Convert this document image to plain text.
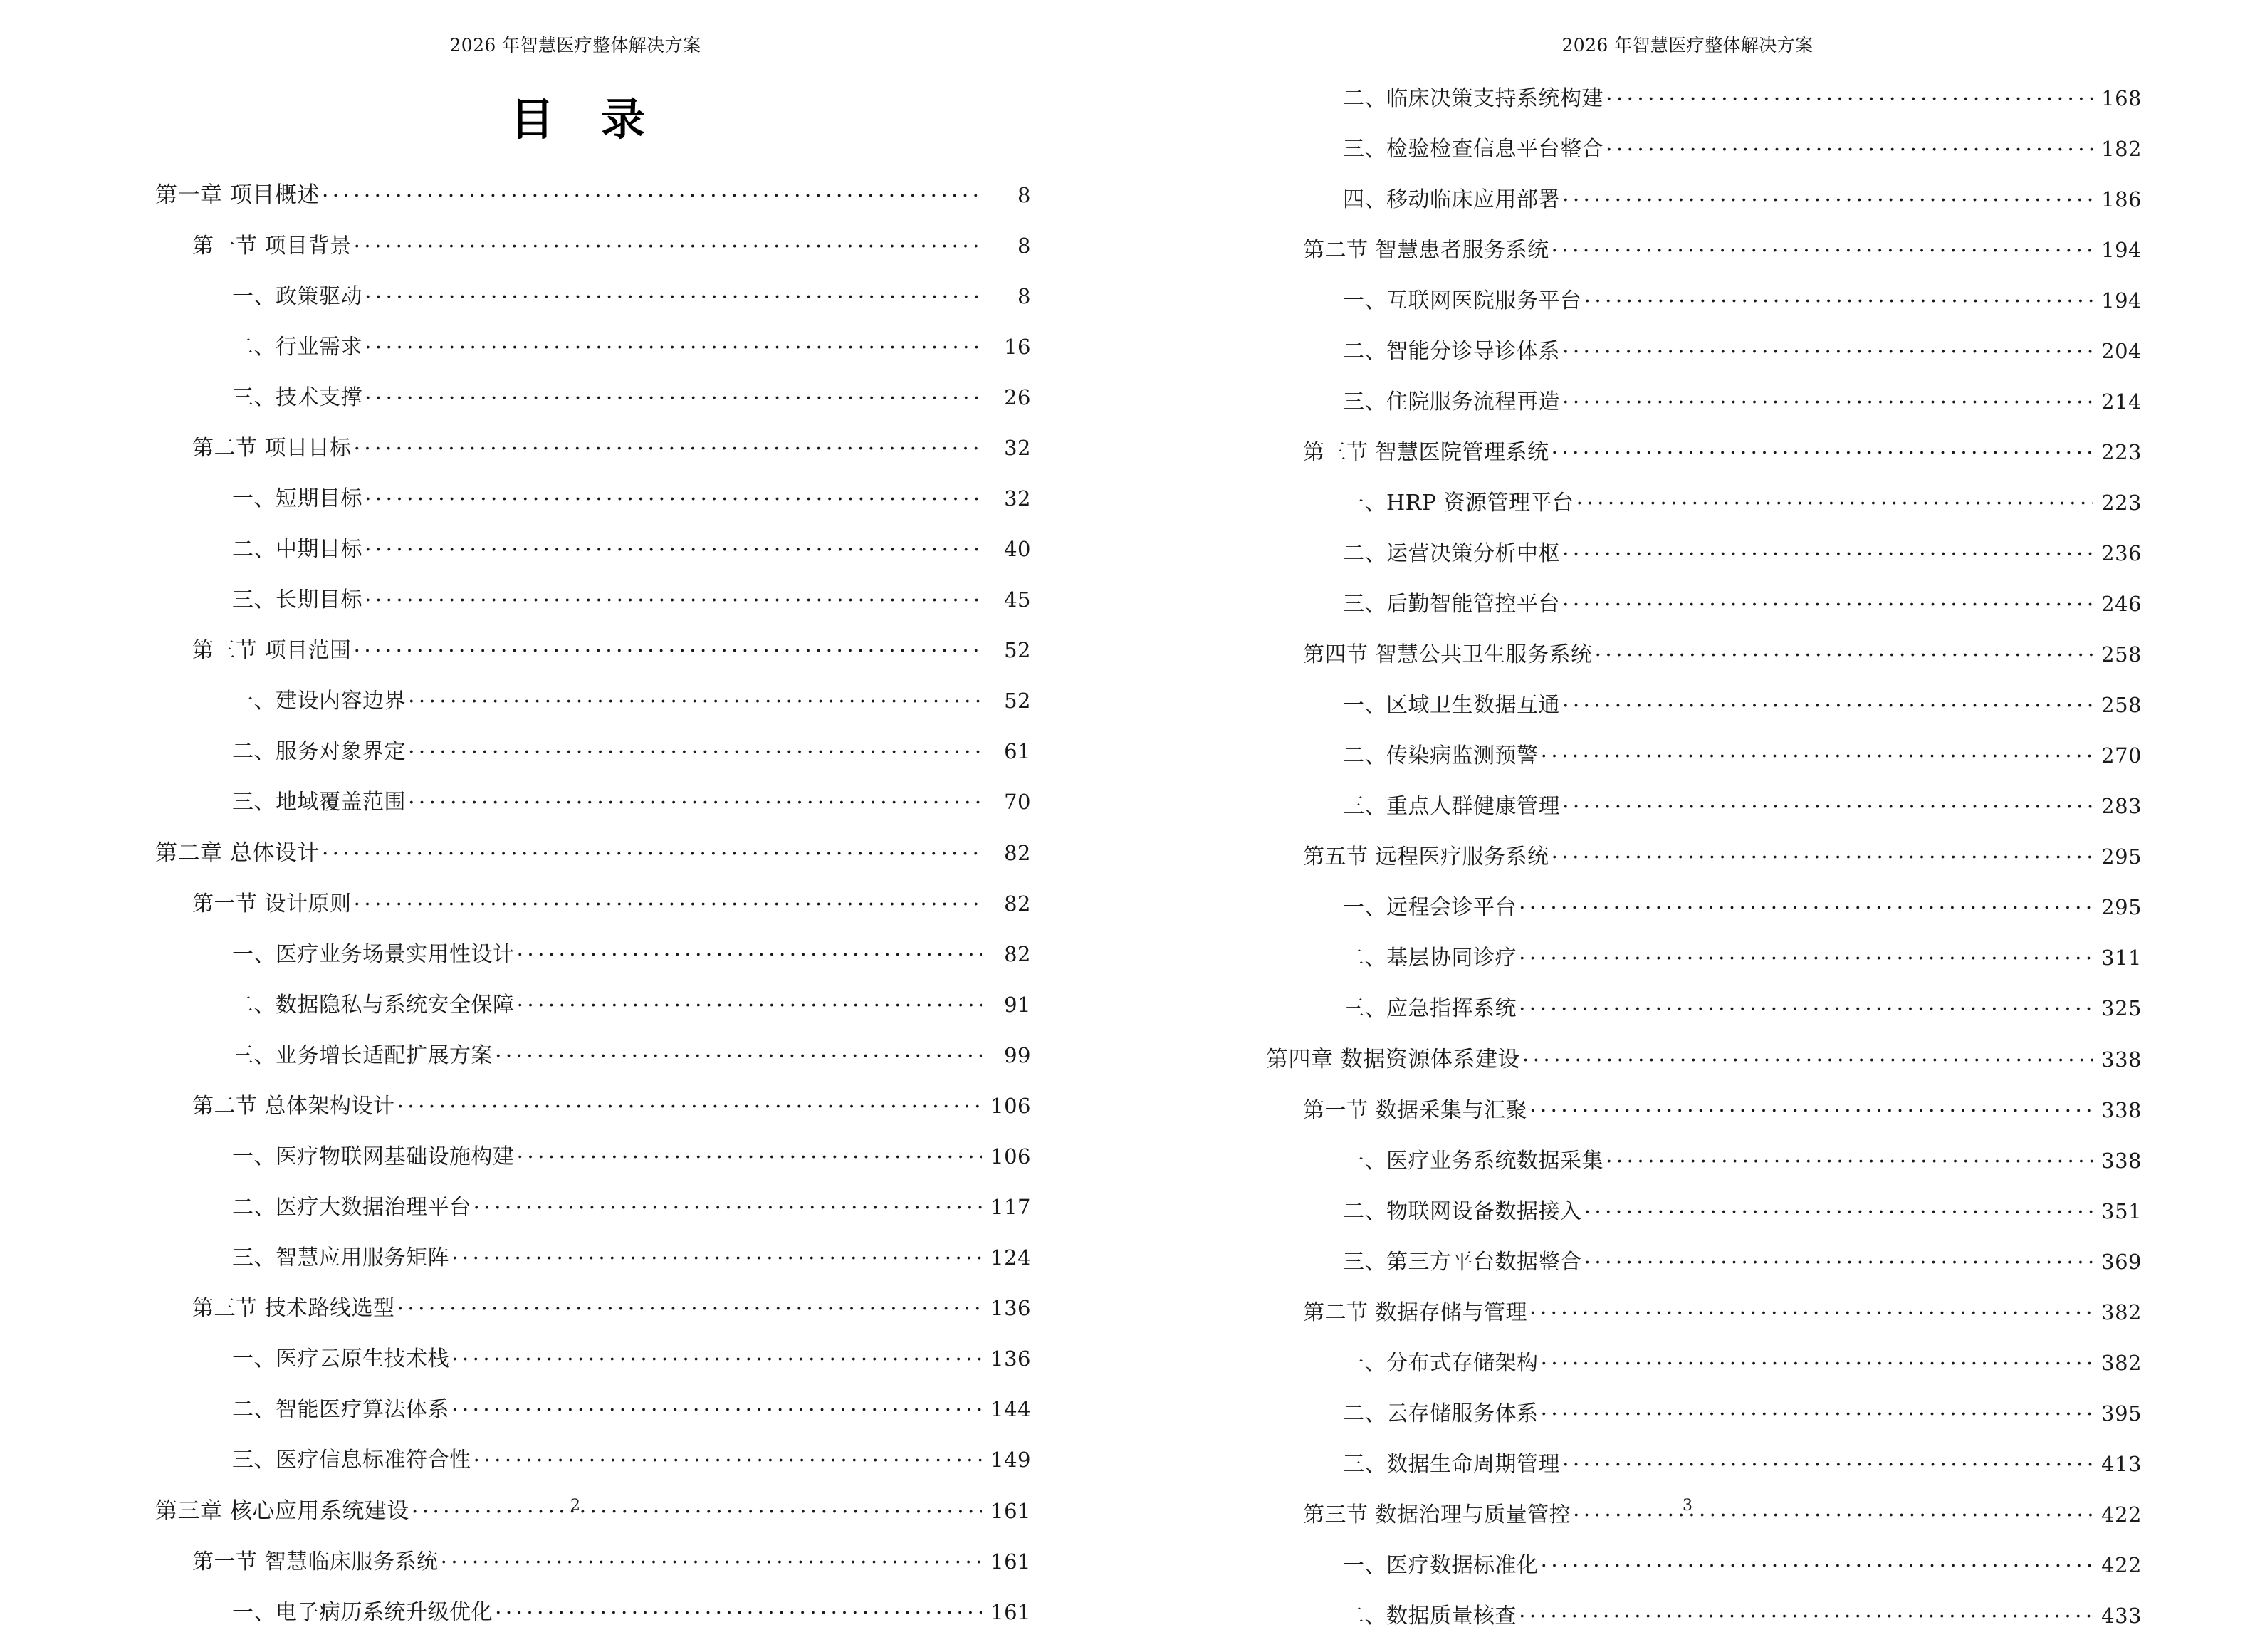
2026 年智慧医疗整体解决方案
目 录
第一章 项目概述 .....	8
第一节 项目背景 .....	8
一、政策驱动 .....	8
二、行业需求 .....	16
三、技术支撑 .....	26
第二节 项目目标 .....	32
一、短期目标 .....	32
二、中期目标 .....	40
三、长期目标 .....	45
第三节 项目范围 .....	52
一、建设内容边界 .....	52
二、服务对象界定 .....	61
三、地域覆盖范围 .....	70
第二章 总体设计 .....	82
第一节 设计原则 .....	82
一、医疗业务场景实用性设计 .....	82
二、数据隐私与系统安全保障 .....	91
三、业务增长适配扩展方案 .....	99
第二节 总体架构设计 .....	106
一、医疗物联网基础设施构建 .....	106
二、医疗大数据治理平台 .....	117
三、智慧应用服务矩阵 .....	124
第三节 技术路线选型 .....	136
一、医疗云原生技术栈 .....	136
二、智能医疗算法体系 .....	144
三、医疗信息标准符合性 .....	149
第三章 核心应用系统建设 .....	161
第一节 智慧临床服务系统 .....	161
一、电子病历系统升级优化 .....	161
2
2026 年智慧医疗整体解决方案
二、临床决策支持系统构建 .....	168
三、检验检查信息平台整合 .....	182
四、移动临床应用部署 .....	186
第二节 智慧患者服务系统 .....	194
一、互联网医院服务平台 .....	194
二、智能分诊导诊体系 .....	204
三、住院服务流程再造 .....	214
第三节 智慧医院管理系统 .....	223
一、HRP 资源管理平台 .....	223
二、运营决策分析中枢 .....	236
三、后勤智能管控平台 .....	246
第四节 智慧公共卫生服务系统 .....	258
一、区域卫生数据互通 .....	258
二、传染病监测预警 .....	270
三、重点人群健康管理 .....	283
第五节 远程医疗服务系统 .....	295
一、远程会诊平台 .....	295
二、基层协同诊疗 .....	311
三、应急指挥系统 .....	325
第四章 数据资源体系建设 .....	338
第一节 数据采集与汇聚 .....	338
一、医疗业务系统数据采集 .....	338
二、物联网设备数据接入 .....	351
三、第三方平台数据整合 .....	369
第二节 数据存储与管理 .....	382
一、分布式存储架构 .....	382
二、云存储服务体系 .....	395
三、数据生命周期管理 .....	413
第三节 数据治理与质量管控 .....	422
一、医疗数据标准化 .....	422
二、数据质量核查 .....	433
3
